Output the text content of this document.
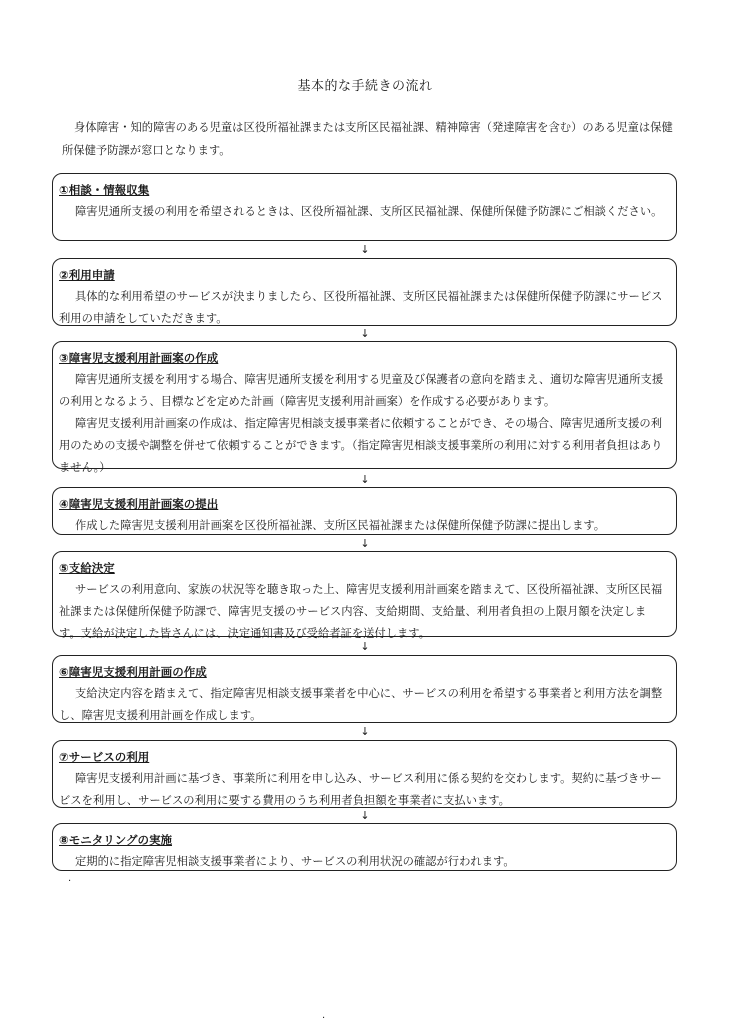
基本的な手続きの流れ
身体障害・知的障害のある児童は区役所福祉課または支所区民福祉課、精神障害（発達障害を含む）のある児童は保健所保健予防課が窓口となります。
①相談・情報収集
障害児通所支援の利用を希望されるときは、区役所福祉課、支所区民福祉課、保健所保健予防課にご相談ください。
↓
②利用申請
具体的な利用希望のサービスが決まりましたら、区役所福祉課、支所区民福祉課または保健所保健予防課にサービス利用の申請をしていただきます。
↓
③障害児支援利用計画案の作成
障害児通所支援を利用する場合、障害児通所支援を利用する児童及び保護者の意向を踏まえ、適切な障害児通所支援の利用となるよう、目標などを定めた計画（障害児支援利用計画案）を作成する必要があります。
障害児支援利用計画案の作成は、指定障害児相談支援事業者に依頼することができ、その場合、障害児通所支援の利用のための支援や調整を併せて依頼することができます。（指定障害児相談支援事業所の利用に対する利用者負担はありません。）
↓
④障害児支援利用計画案の提出
作成した障害児支援利用計画案を区役所福祉課、支所区民福祉課または保健所保健予防課に提出します。
↓
⑤支給決定
サービスの利用意向、家族の状況等を聴き取った上、障害児支援利用計画案を踏まえて、区役所福祉課、支所区民福祉課または保健所保健予防課で、障害児支援のサービス内容、支給期間、支給量、利用者負担の上限月額を決定します。支給が決定した皆さんには、決定通知書及び受給者証を送付します。
↓
⑥障害児支援利用計画の作成
支給決定内容を踏まえて、指定障害児相談支援事業者を中心に、サービスの利用を希望する事業者と利用方法を調整し、障害児支援利用計画を作成します。
↓
⑦サービスの利用
障害児支援利用計画に基づき、事業所に利用を申し込み、サービス利用に係る契約を交わします。契約に基づきサービスを利用し、サービスの利用に要する費用のうち利用者負担額を事業者に支払います。
↓
⑧モニタリングの実施
定期的に指定障害児相談支援事業者により、サービスの利用状況の確認が行われます。
·
·
